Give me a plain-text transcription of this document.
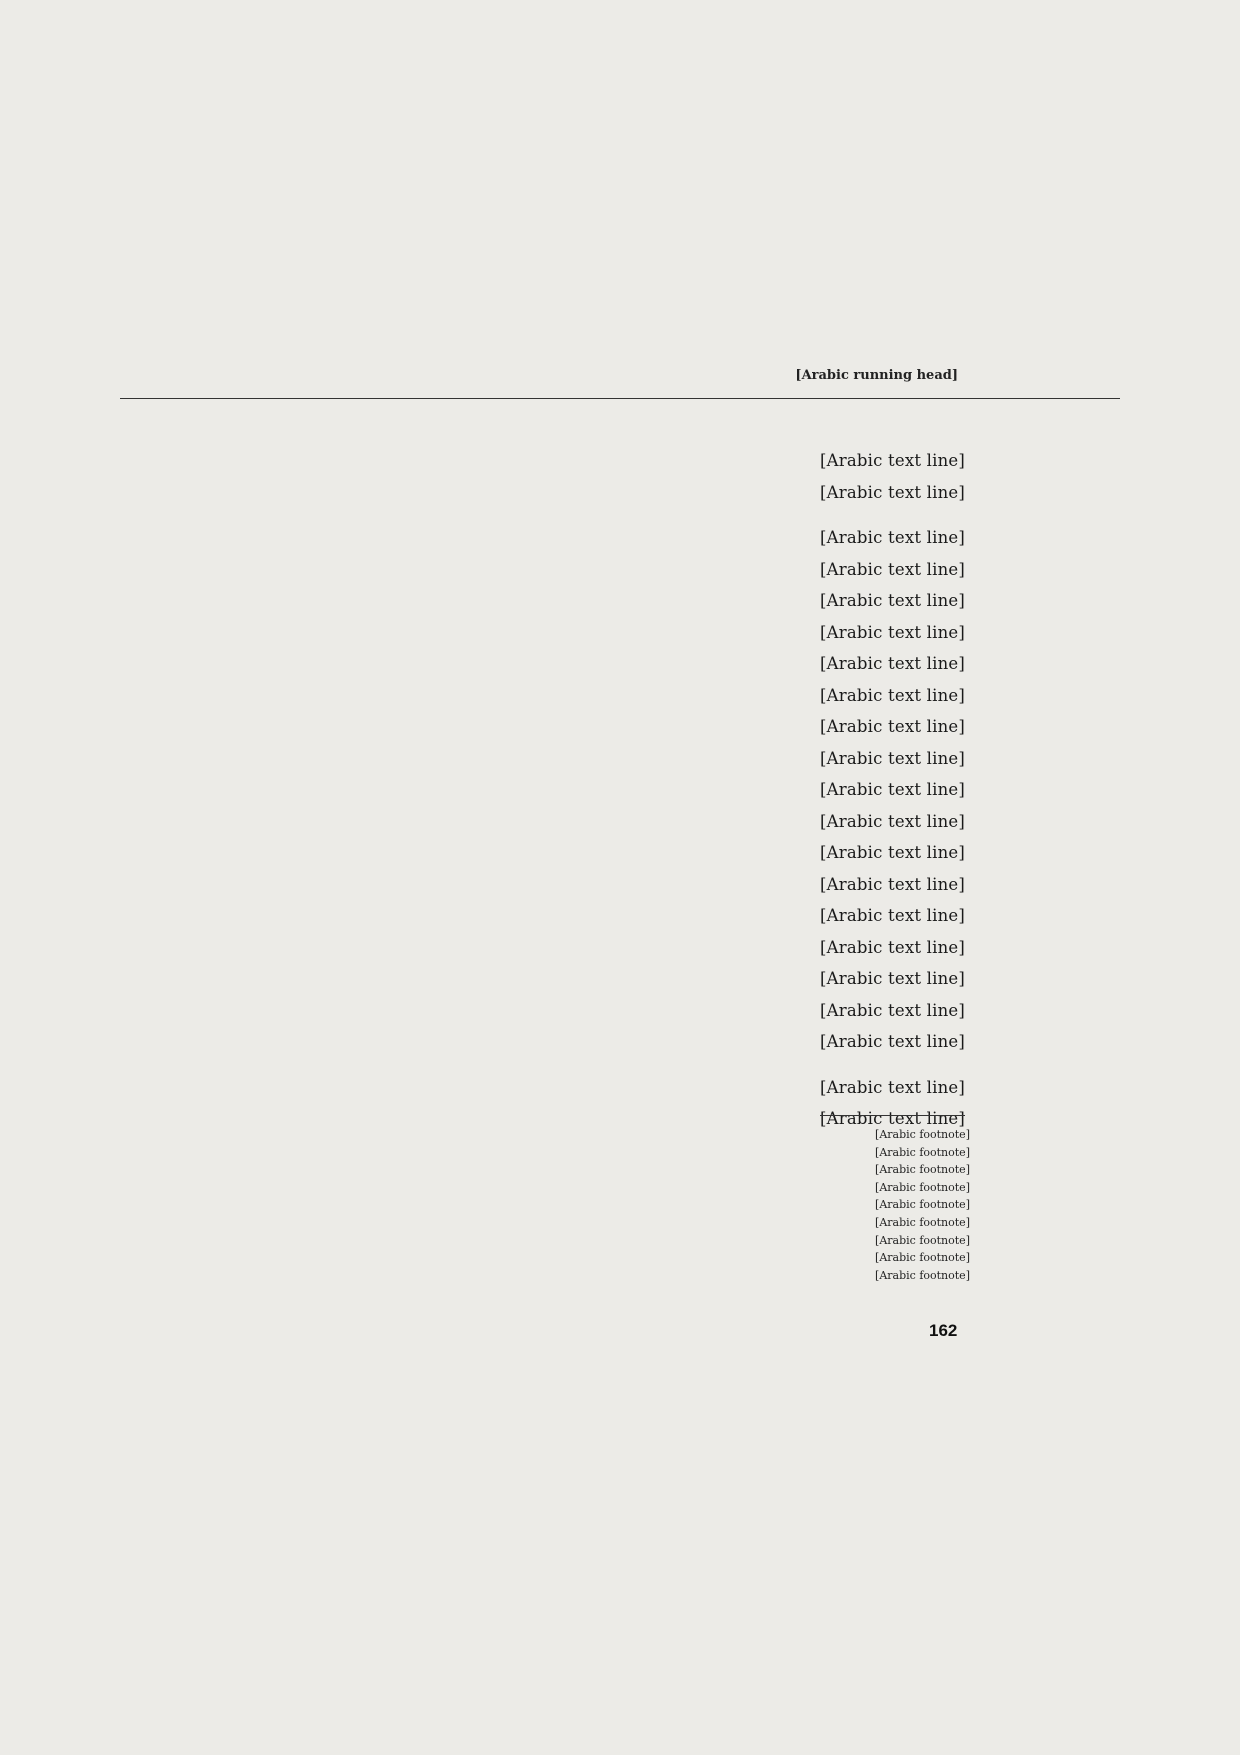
[Arabic running head]
[Arabic text line]
[Arabic text line]
[Arabic text line]
[Arabic text line]
[Arabic text line]
[Arabic text line]
[Arabic text line]
[Arabic text line]
[Arabic text line]
[Arabic text line]
[Arabic text line]
[Arabic text line]
[Arabic text line]
[Arabic text line]
[Arabic text line]
[Arabic text line]
[Arabic text line]
[Arabic text line]
[Arabic text line]
[Arabic text line]
[Arabic text line]
[Arabic footnote]
[Arabic footnote]
[Arabic footnote]
[Arabic footnote]
[Arabic footnote]
[Arabic footnote]
[Arabic footnote]
[Arabic footnote]
[Arabic footnote]
162
